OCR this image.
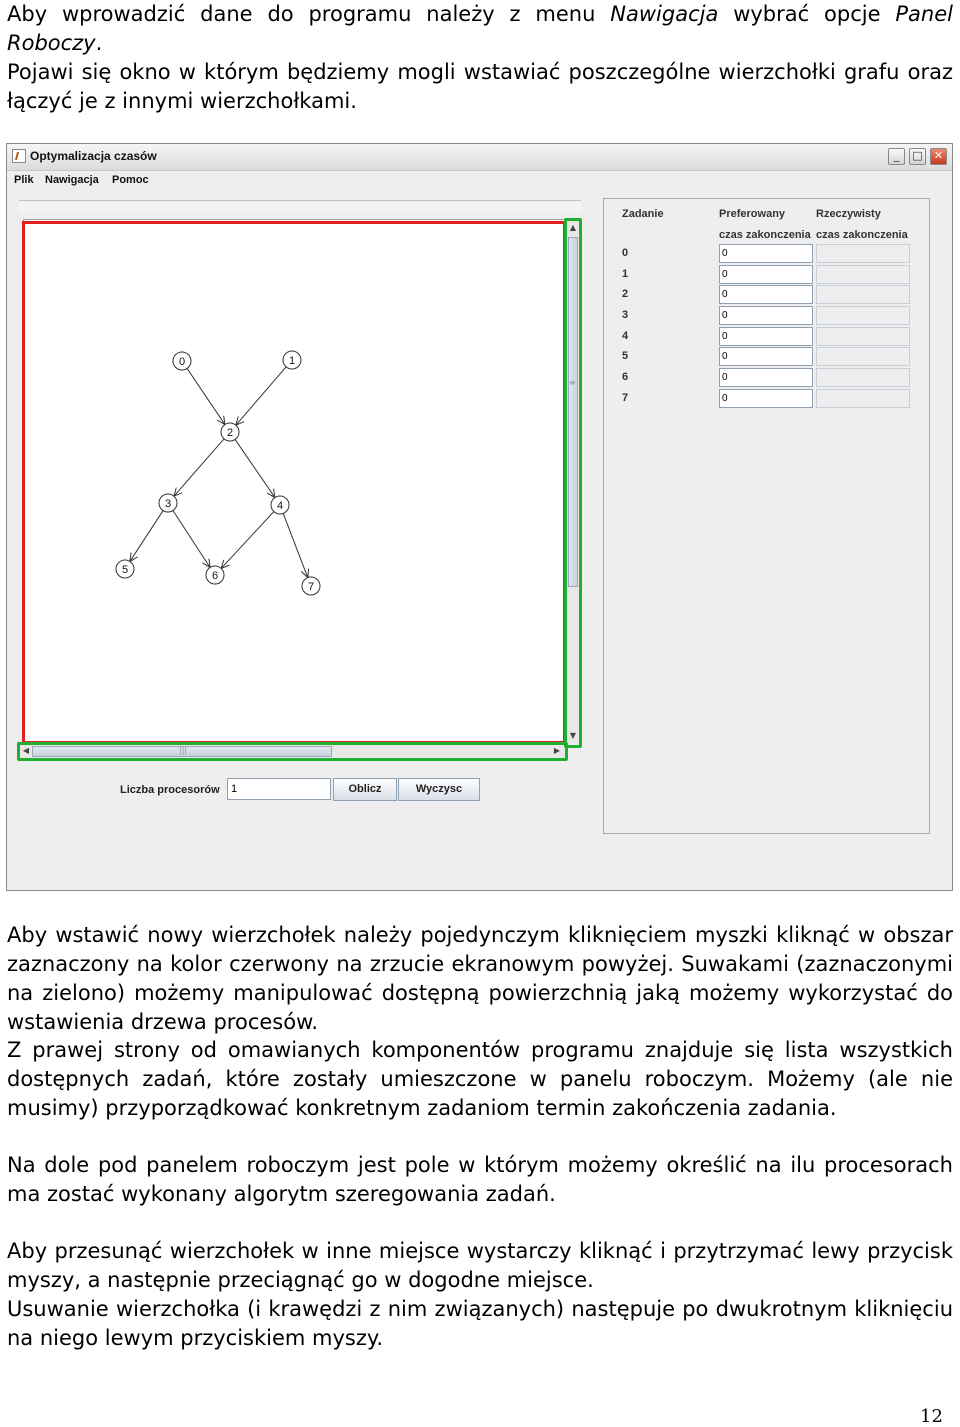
Aby wprowadzić dane do programu należy z menu Nawigacja wybrać opcje Panel Roboczy.
Pojawi się okno w którym będziemy mogli wstawiać poszczególne wierzchołki grafu oraz łączyć je z innymi wierzchołkami.

Optymalizacja czasów	_	□	✕
Plik Nawigacja Pomoc
0	1
2
3	4
5	6
7
▲
≡
▼
◀	|||	▶
Liczba procesorów	1	Oblicz	Wyczysc
Zadanie	Preferowany	Rzeczywisty
czas zakonczenia czas zakonczenia
0	0
1	0
2	0
3	0
4	0
5	0
6	0
7	0

Aby wstawić nowy wierzchołek należy pojedynczym kliknięciem myszki kliknąć w obszar zaznaczony na kolor czerwony na zrzucie ekranowym powyżej. Suwakami (zaznaczonymi na zielono) możemy manipulować dostępną powierzchnią jaką możemy wykorzystać do wstawienia drzewa procesów.

Z prawej strony od omawianych komponentów programu znajduje się lista wszystkich dostępnych zadań, które zostały umieszczone w panelu roboczym. Możemy (ale nie musimy) przyporządkować konkretnym zadaniom termin zakończenia zadania.

Na dole pod panelem roboczym jest pole w którym możemy określić na ilu procesorach ma zostać wykonany algorytm szeregowania zadań.

Aby przesunąć wierzchołek w inne miejsce wystarczy kliknąć i przytrzymać lewy przycisk myszy, a następnie przeciągnąć go w dogodne miejsce.

Usuwanie wierzchołka (i krawędzi z nim związanych) następuje po dwukrotnym kliknięciu na niego lewym przyciskiem myszy.

12
